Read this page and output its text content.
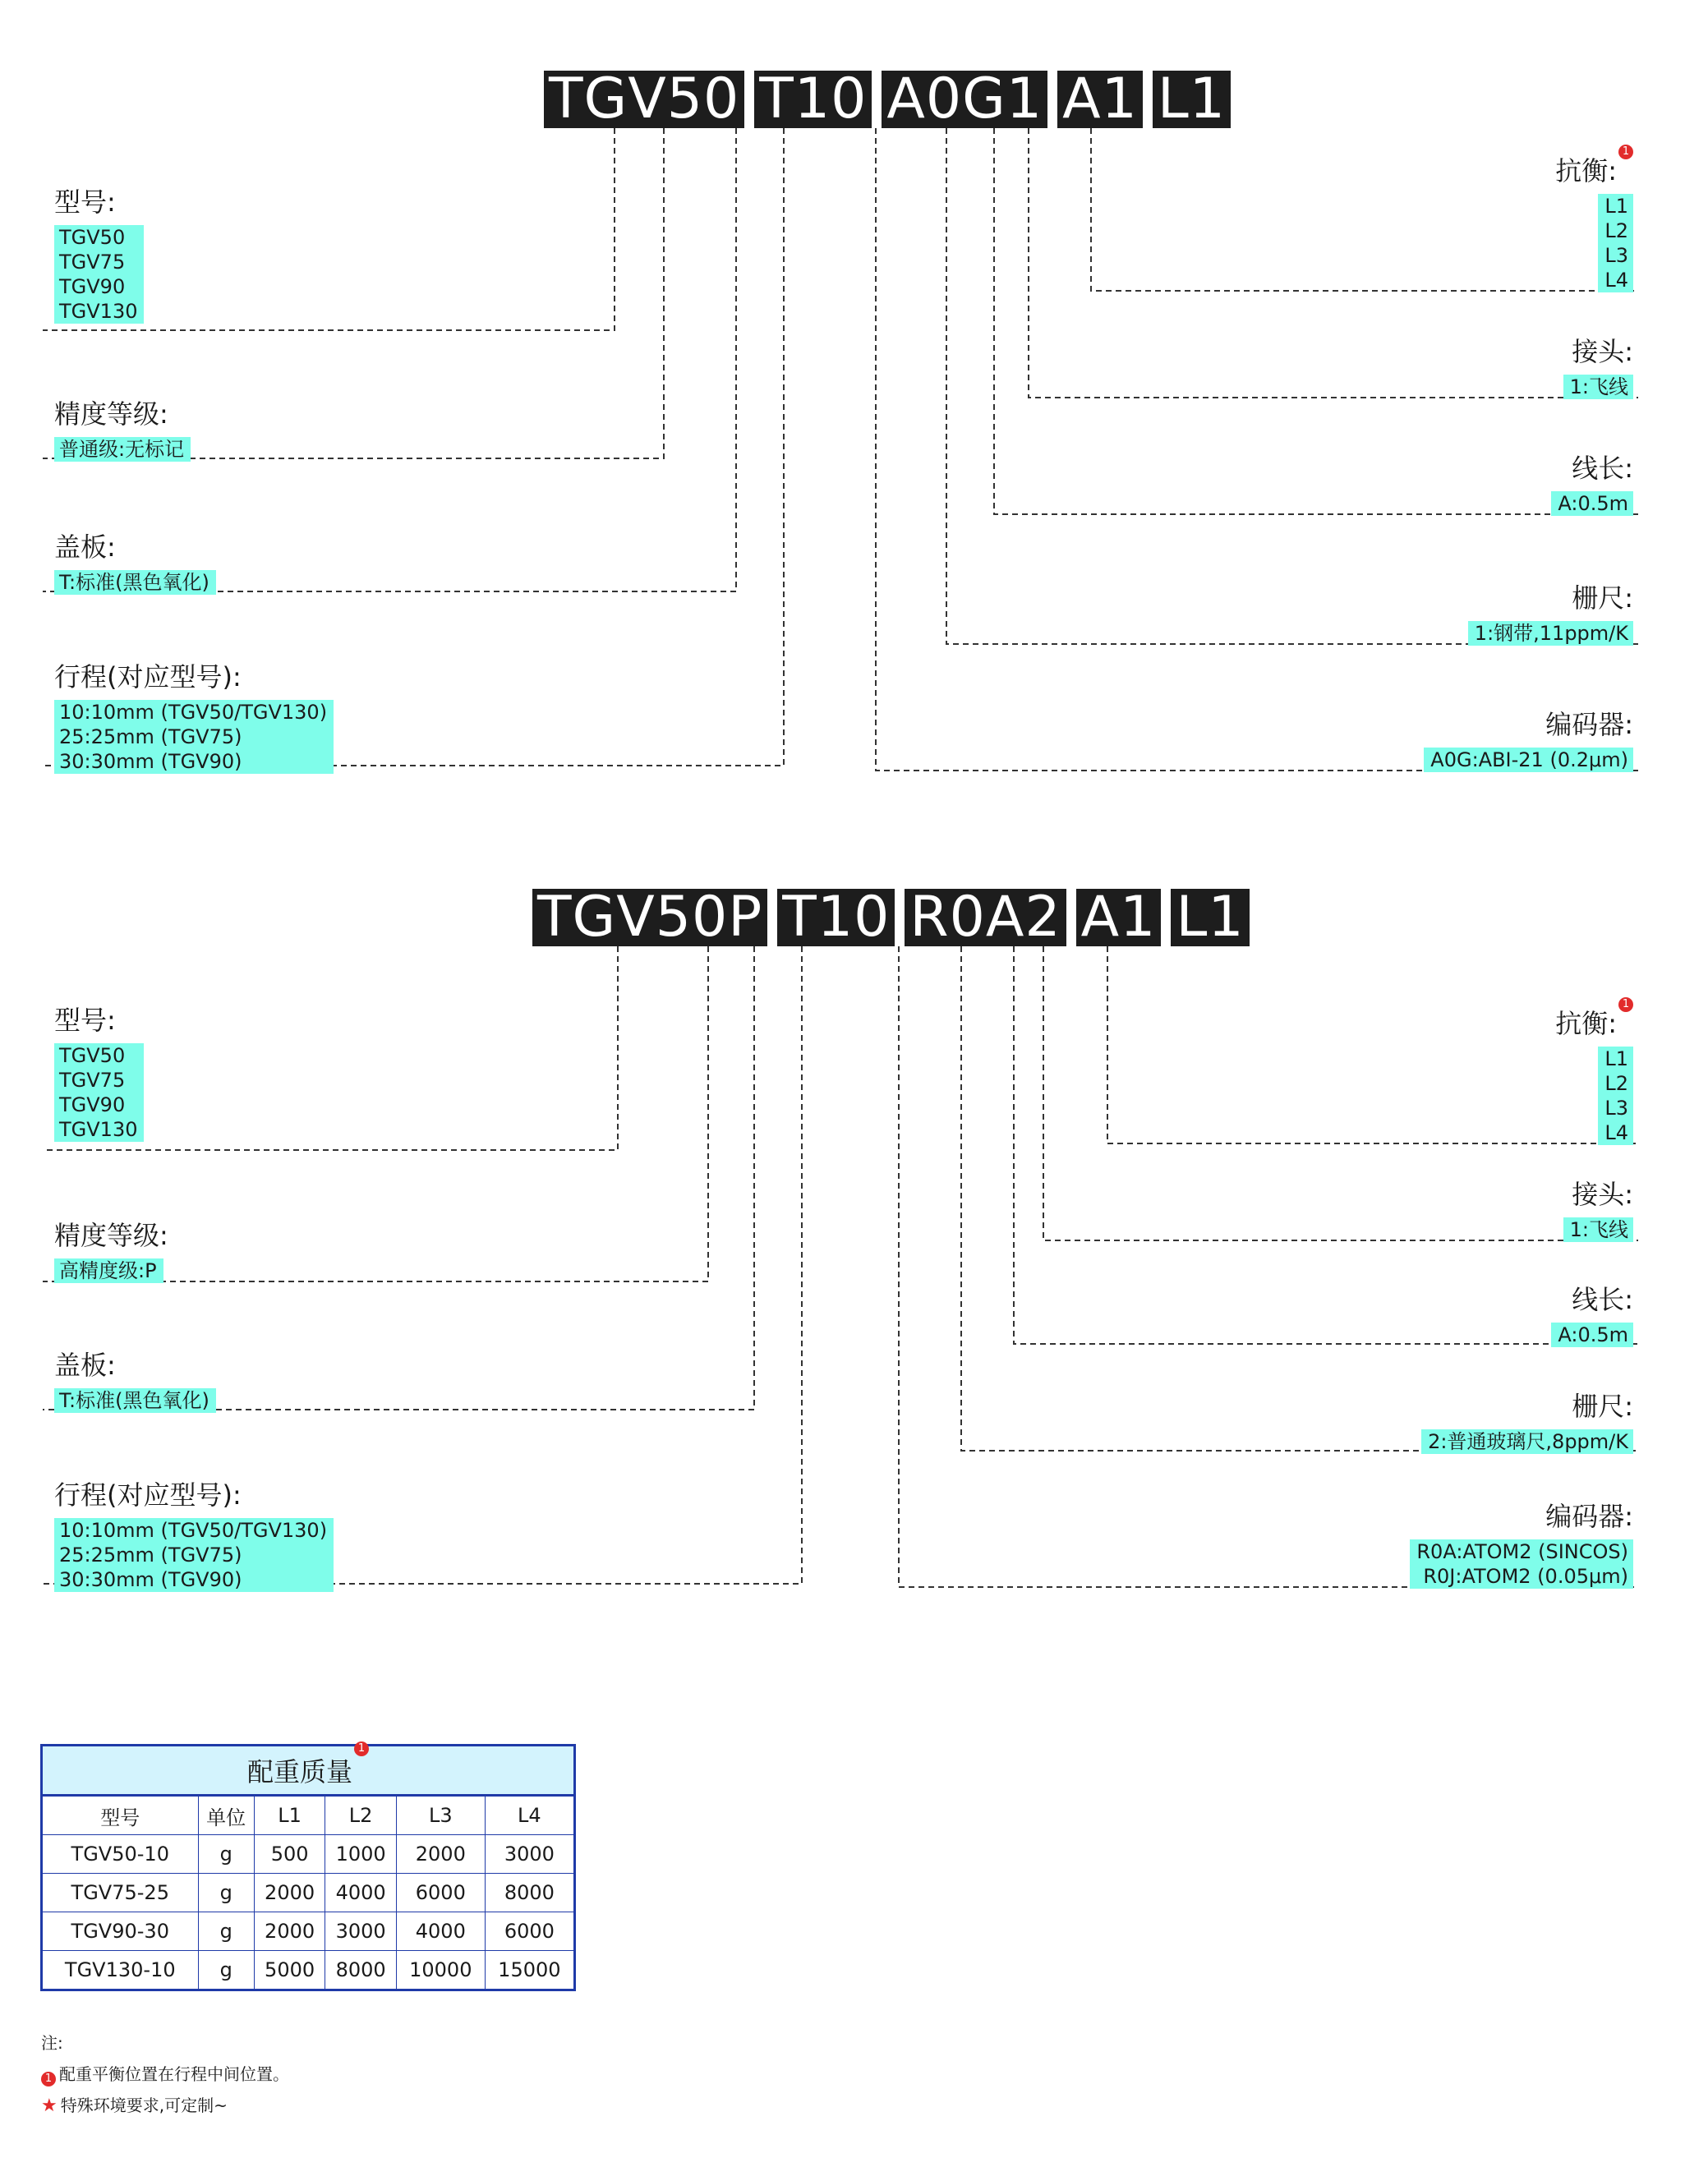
TGV50 T10 A0G1 A1 L1
型号:
TGV50
TGV75
TGV90
TGV130
精度等级:
普通级:无标记
盖板:
T:标准(黑色氧化)
行程(对应型号):
10:10mm (TGV50/TGV130)
25:25mm (TGV75)
30:30mm (TGV90)
抗衡:1
L1
L2
L3
L4
接头:
1:飞线
线长:
A:0.5m
栅尺:
1:钢带,11ppm/K
编码器:
A0G:ABI-21 (0.2μm)
TGV50P T10 R0A2 A1 L1
型号:
TGV50
TGV75
TGV90
TGV130
精度等级:
高精度级:P
盖板:
T:标准(黑色氧化)
行程(对应型号):
10:10mm (TGV50/TGV130)
25:25mm (TGV75)
30:30mm (TGV90)
抗衡:1
L1
L2
L3
L4
接头:
1:飞线
线长:
A:0.5m
栅尺:
2:普通玻璃尺,8ppm/K
编码器:
R0A:ATOM2 (SINCOS)
R0J:ATOM2 (0.05μm)
配重质量1					
型号	单位	L1	L2	L3	L4
TGV50-10	g	500	1000	2000	3000
TGV75-25	g	2000	4000	6000	8000
TGV90-30	g	2000	3000	4000	6000
TGV130-10	g	5000	8000	10000	15000
注:
1 配重平衡位置在行程中间位置。
★ 特殊环境要求,可定制~
